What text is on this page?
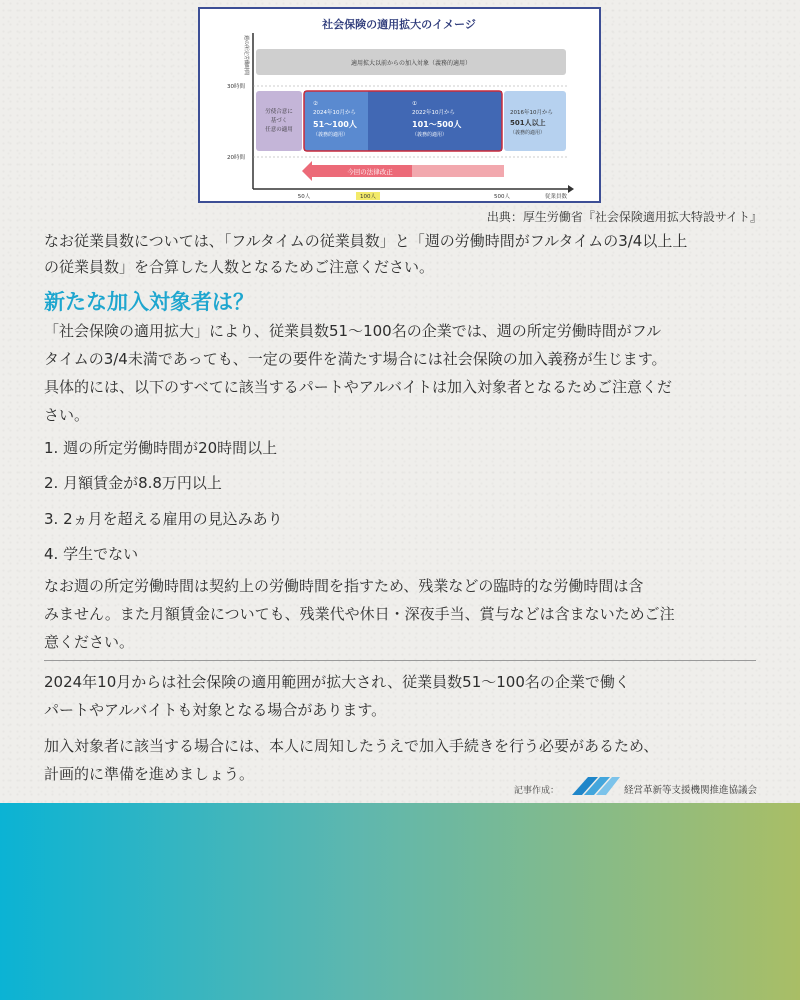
社会保険の適用拡大のイメージ
週の所定労働時間
30時間
20時間
適用拡大以前からの加入対象（義務的適用）
労使合意に
基づく
任意の適用
②
2024年10月から
51〜100人
（義務的適用）
①
2022年10月から
101〜500人
（義務的適用）
2016年10月から
501人以上
（義務的適用）
今回の法律改正
50人	100人	500人	従業員数
出典：厚生労働省『社会保険適用拡大特設サイト』
なお従業員数については、「フルタイムの従業員数」と「週の労働時間がフルタイムの3/4以上上
の従業員数」を合算した人数となるためご注意ください。
新たな加入対象者は？
「社会保険の適用拡大」により、従業員数51〜100名の企業では、週の所定労働時間がフル
タイムの3/4未満であっても、一定の要件を満たす場合には社会保険の加入義務が生じます。
具体的には、以下のすべてに該当するパートやアルバイトは加入対象者となるためご注意くだ
さい。
1. 週の所定労働時間が20時間以上
2. 月額賃金が8.8万円以上
3. 2ヵ月を超える雇用の見込みあり
4. 学生でない
なお週の所定労働時間は契約上の労働時間を指すため、残業などの臨時的な労働時間は含
みません。また月額賃金についても、残業代や休日・深夜手当、賞与などは含まないためご注
意ください。
2024年10月からは社会保険の適用範囲が拡大され、従業員数51〜100名の企業で働く
パートやアルバイトも対象となる場合があります。
加入対象者に該当する場合には、本人に周知したうえで加入手続きを行う必要があるため、
計画的に準備を進めましょう。
記事作成：	経営革新等支援機関推進協議会
